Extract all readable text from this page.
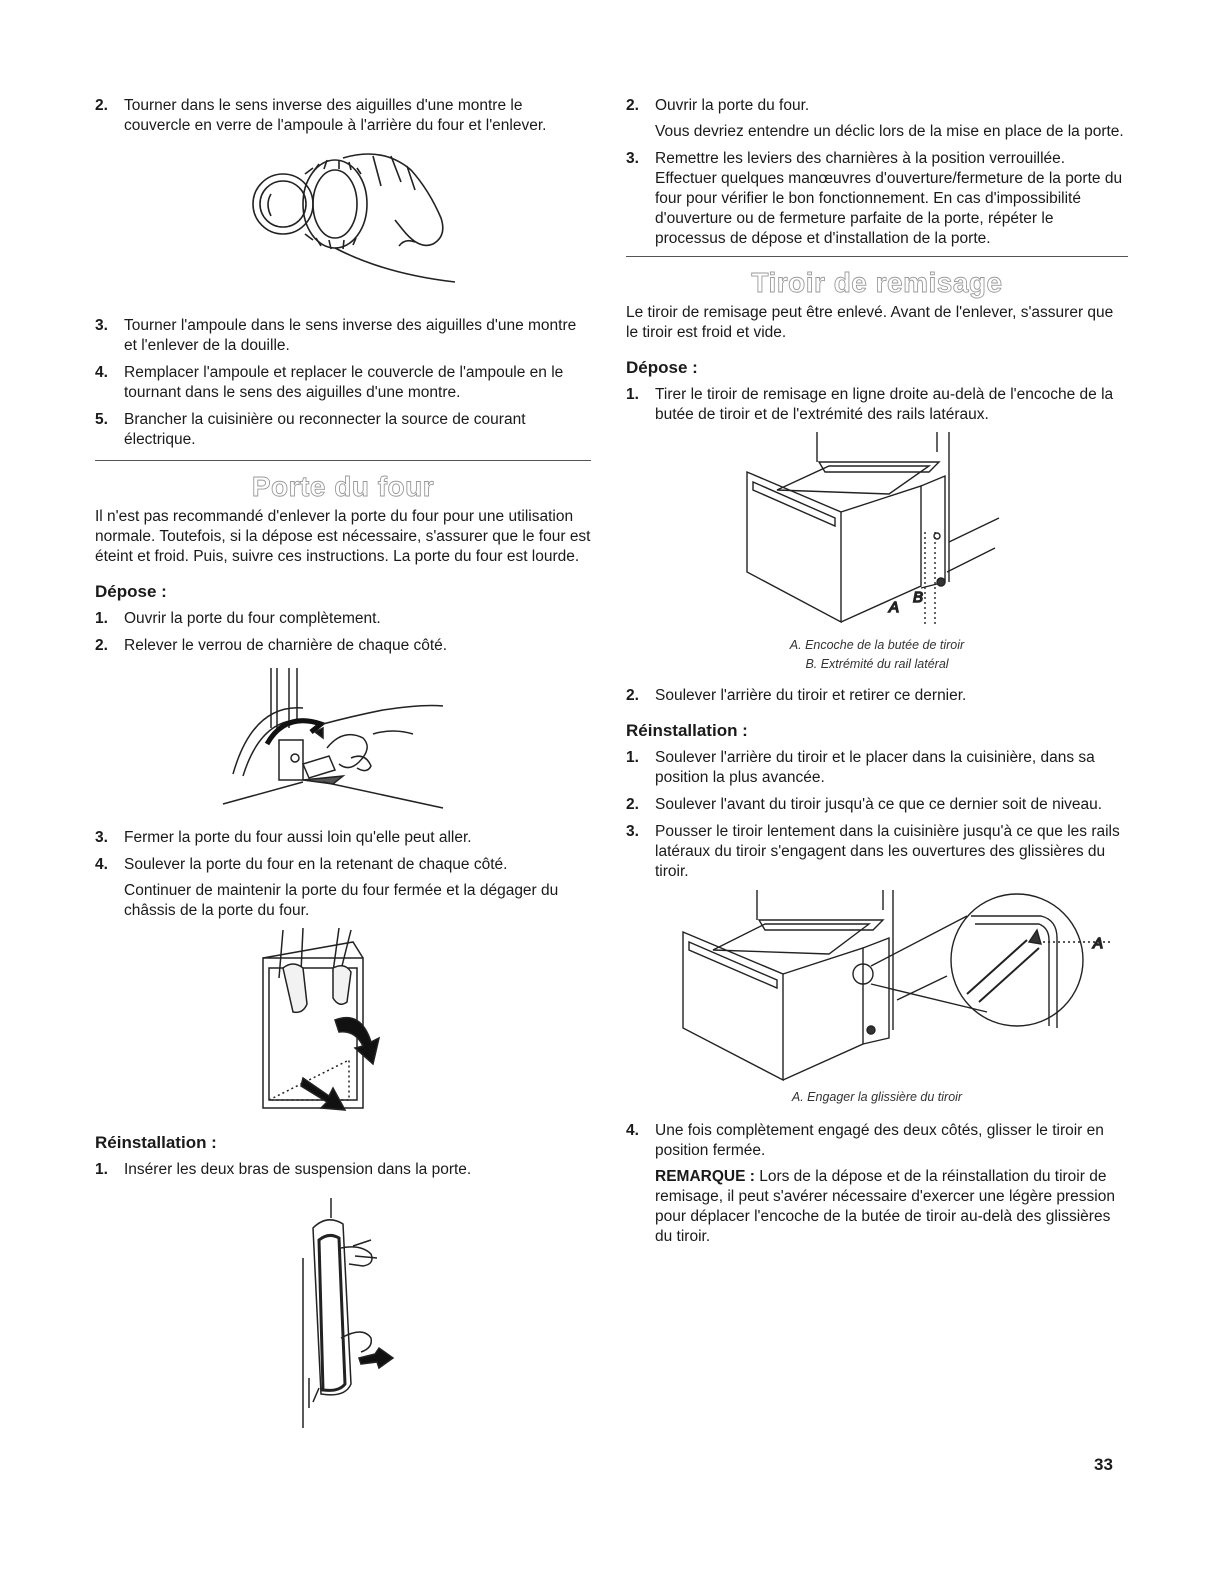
2. Tourner dans le sens inverse des aiguilles d'une montre le couvercle en verre de l'ampoule à l'arrière du four et l'enlever.

3. Tourner l'ampoule dans le sens inverse des aiguilles d'une montre et l'enlever de la douille.

4. Remplacer l'ampoule et replacer le couvercle de l'ampoule en le tournant dans le sens des aiguilles d'une montre.

5. Brancher la cuisinière ou reconnecter la source de courant électrique.

Porte du four

Il n'est pas recommandé d'enlever la porte du four pour une utilisation normale. Toutefois, si la dépose est nécessaire, s'assurer que le four est éteint et froid. Puis, suivre ces instructions. La porte du four est lourde.

Dépose :
1. Ouvrir la porte du four complètement.

2. Relever le verrou de charnière de chaque côté.

3. Fermer la porte du four aussi loin qu'elle peut aller.

4. Soulever la porte du four en la retenant de chaque côté.

Continuer de maintenir la porte du four fermée et la dégager du châssis de la porte du four.

Réinstallation :
1. Insérer les deux bras de suspension dans la porte.

2. Ouvrir la porte du four.

Vous devriez entendre un déclic lors de la mise en place de la porte.

3. Remettre les leviers des charnières à la position verrouillée. Effectuer quelques manœuvres d'ouverture/fermeture de la porte du four pour vérifier le bon fonctionnement. En cas d'impossibilité d'ouverture ou de fermeture parfaite de la porte, répéter le processus de dépose et d'installation de la porte.

Tiroir de remisage

Le tiroir de remisage peut être enlevé. Avant de l'enlever, s'assurer que le tiroir est froid et vide.

Dépose :
1. Tirer le tiroir de remisage en ligne droite au-delà de l'encoche de la butée de tiroir et de l'extrémité des rails latéraux.

A
B
A. Encoche de la butée de tiroir
B. Extrémité du rail latéral
2. Soulever l'arrière du tiroir et retirer ce dernier.

Réinstallation :
1. Soulever l'arrière du tiroir et le placer dans la cuisinière, dans sa position la plus avancée.

2. Soulever l'avant du tiroir jusqu'à ce que ce dernier soit de niveau.

3. Pousser le tiroir lentement dans la cuisinière jusqu'à ce que les rails latéraux du tiroir s'engagent dans les ouvertures des glissières du tiroir.

A
A. Engager la glissière du tiroir
4. Une fois complètement engagé des deux côtés, glisser le tiroir en position fermée.

REMARQUE : Lors de la dépose et de la réinstallation du tiroir de remisage, il peut s'avérer nécessaire d'exercer une légère pression pour déplacer l'encoche de la butée de tiroir au-delà des glissières du tiroir.

33
